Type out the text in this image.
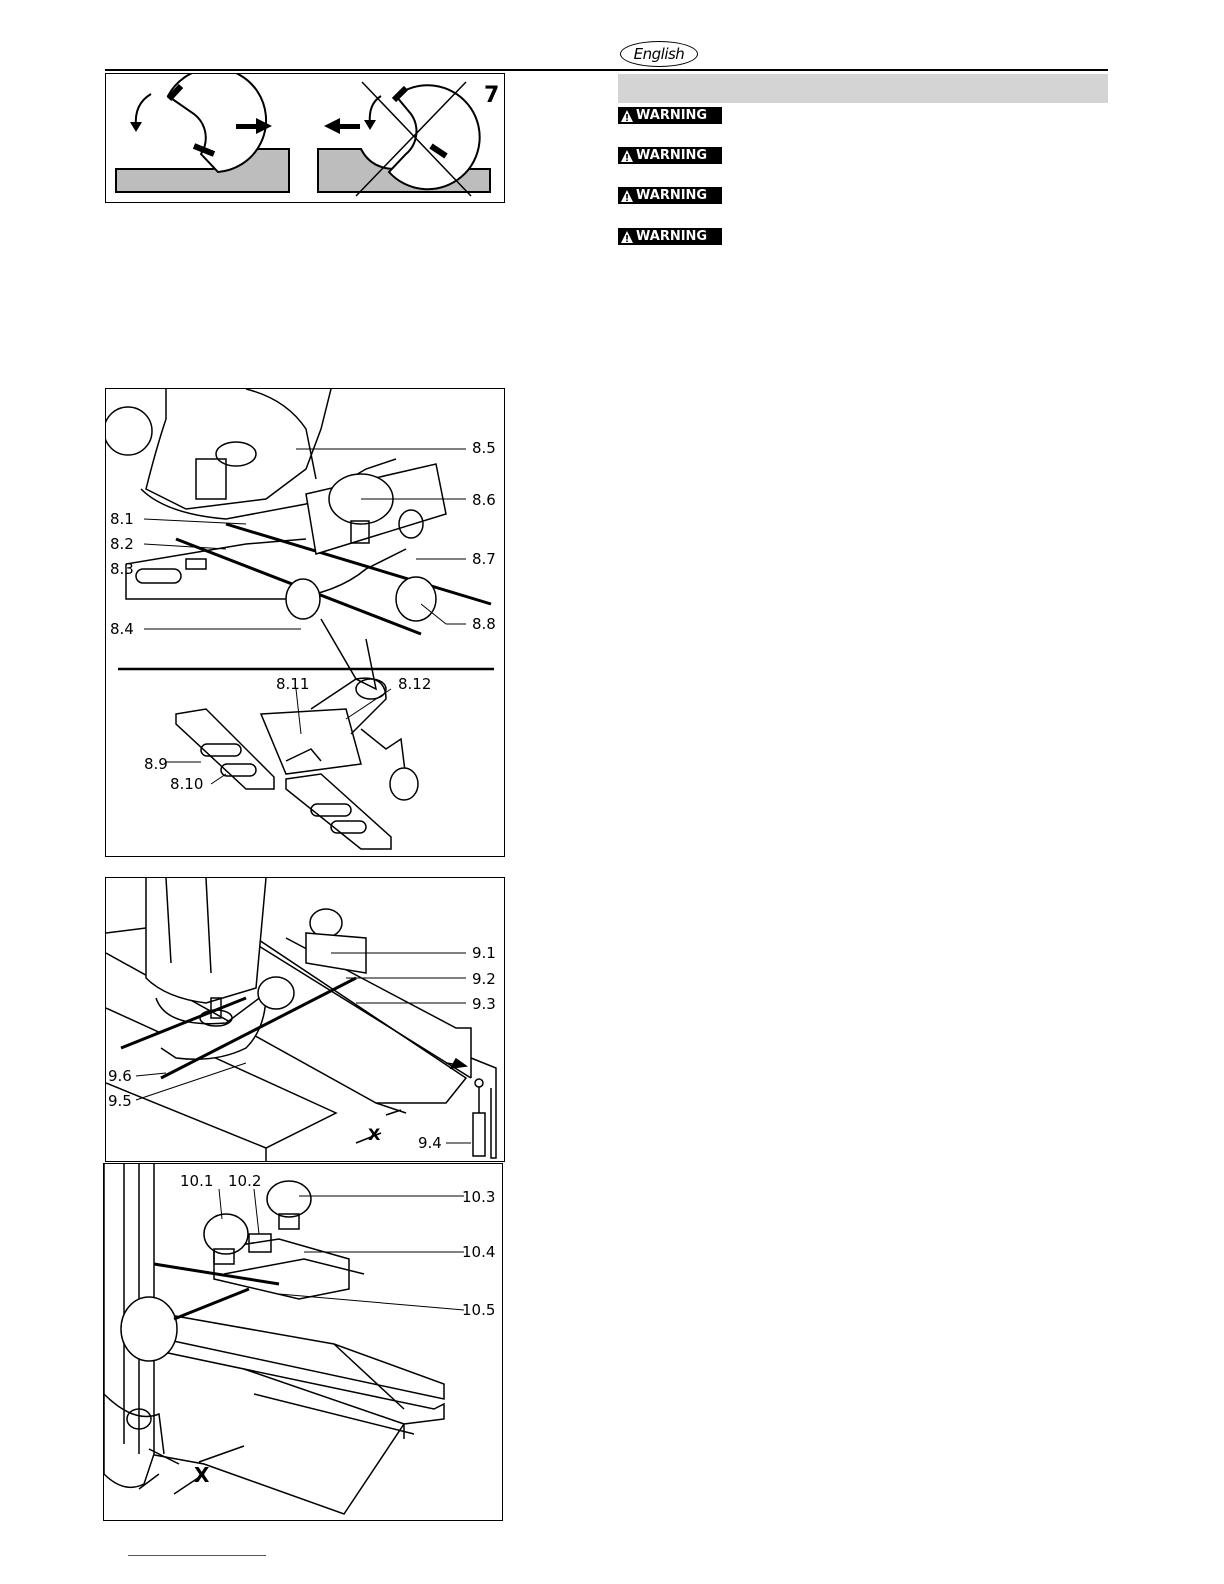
English
WARNING
WARNING
WARNING
WARNING
7
8.1
8.2
8.3
8.4
8.5
8.6
8.7
8.8
8.9
8.10
8.11	8.12
X
9.1
9.2
9.3
9.4
9.6
9.5
X
10.1 10.2
10.3
10.4
10.5
